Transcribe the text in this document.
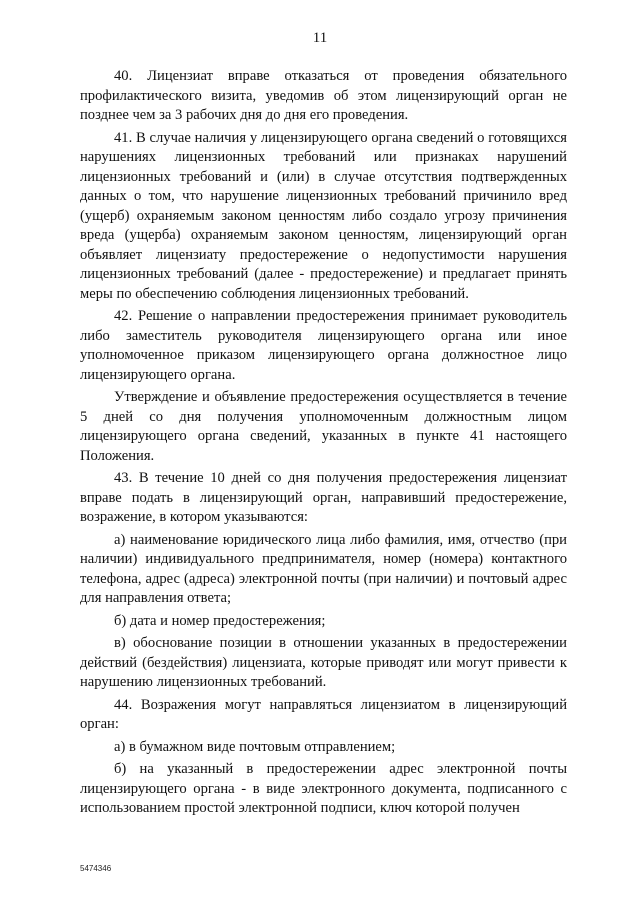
11

40. Лицензиат вправе отказаться от проведения обязательного профилактического визита, уведомив об этом лицензирующий орган не позднее чем за 3 рабочих дня до дня его проведения.

41. В случае наличия у лицензирующего органа сведений о готовящихся нарушениях лицензионных требований или признаках нарушений лицензионных требований и (или) в случае отсутствия подтвержденных данных о том, что нарушение лицензионных требований причинило вред (ущерб) охраняемым законом ценностям либо создало угрозу причинения вреда (ущерба) охраняемым законом ценностям, лицензирующий орган объявляет лицензиату предостережение о недопустимости нарушения лицензионных требований (далее - предостережение) и предлагает принять меры по обеспечению соблюдения лицензионных требований.

42. Решение о направлении предостережения принимает руководитель либо заместитель руководителя лицензирующего органа или иное уполномоченное приказом лицензирующего органа должностное лицо лицензирующего органа.

Утверждение и объявление предостережения осуществляется в течение 5 дней со дня получения уполномоченным должностным лицом лицензирующего органа сведений, указанных в пункте 41 настоящего Положения.

43. В течение 10 дней со дня получения предостережения лицензиат вправе подать в лицензирующий орган, направивший предостережение, возражение, в котором указываются:

а) наименование юридического лица либо фамилия, имя, отчество (при наличии) индивидуального предпринимателя, номер (номера) контактного телефона, адрес (адреса) электронной почты (при наличии) и почтовый адрес для направления ответа;

б) дата и номер предостережения;

в) обоснование позиции в отношении указанных в предостережении действий (бездействия) лицензиата, которые приводят или могут привести к нарушению лицензионных требований.

44. Возражения могут направляться лицензиатом в лицензирующий орган:

а) в бумажном виде почтовым отправлением;

б) на указанный в предостережении адрес электронной почты лицензирующего органа - в виде электронного документа, подписанного с использованием простой электронной подписи, ключ которой получен

5474346
